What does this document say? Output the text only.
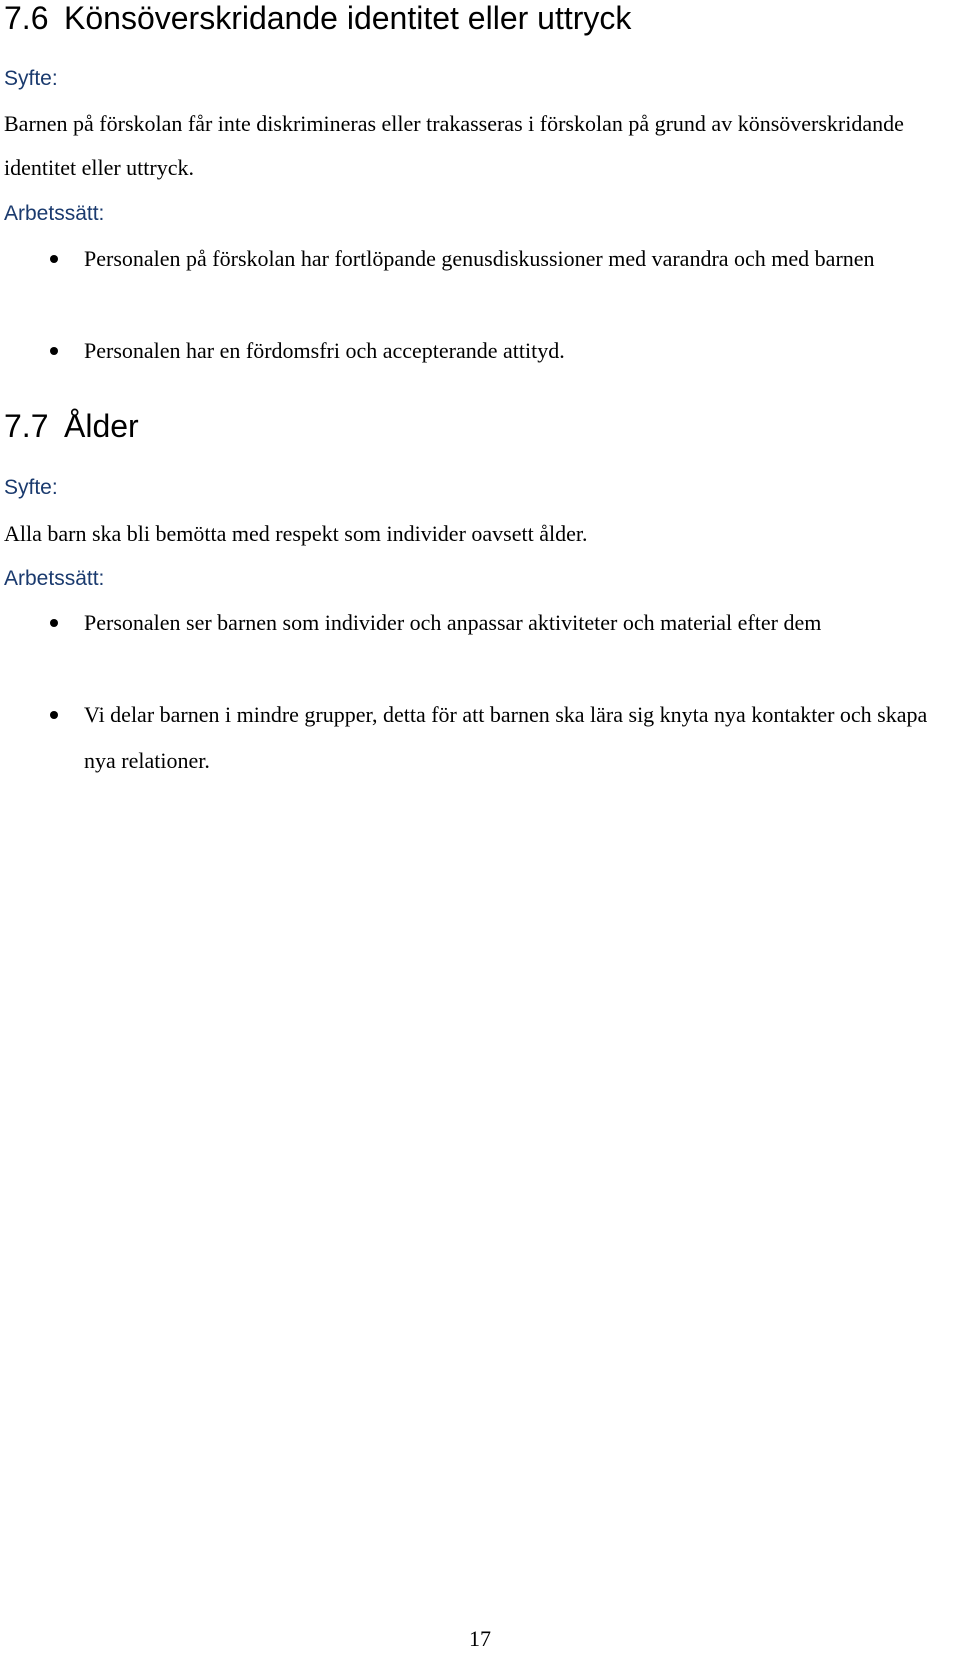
7.6 Könsöverskridande identitet eller uttryck
Syfte:

Barnen på förskolan får inte diskrimineras eller trakasseras i förskolan på grund av könsöverskridande identitet eller uttryck.

Arbetssätt:
Personalen på förskolan har fortlöpande genusdiskussioner med varandra och med barnen
Personalen har en fördomsfri och accepterande attityd.
7.7 Ålder
Syfte:

Alla barn ska bli bemötta med respekt som individer oavsett ålder.

Arbetssätt:
Personalen ser barnen som individer och anpassar aktiviteter och material efter dem
Vi delar barnen i mindre grupper, detta för att barnen ska lära sig knyta nya kontakter och skapa nya relationer.
17
